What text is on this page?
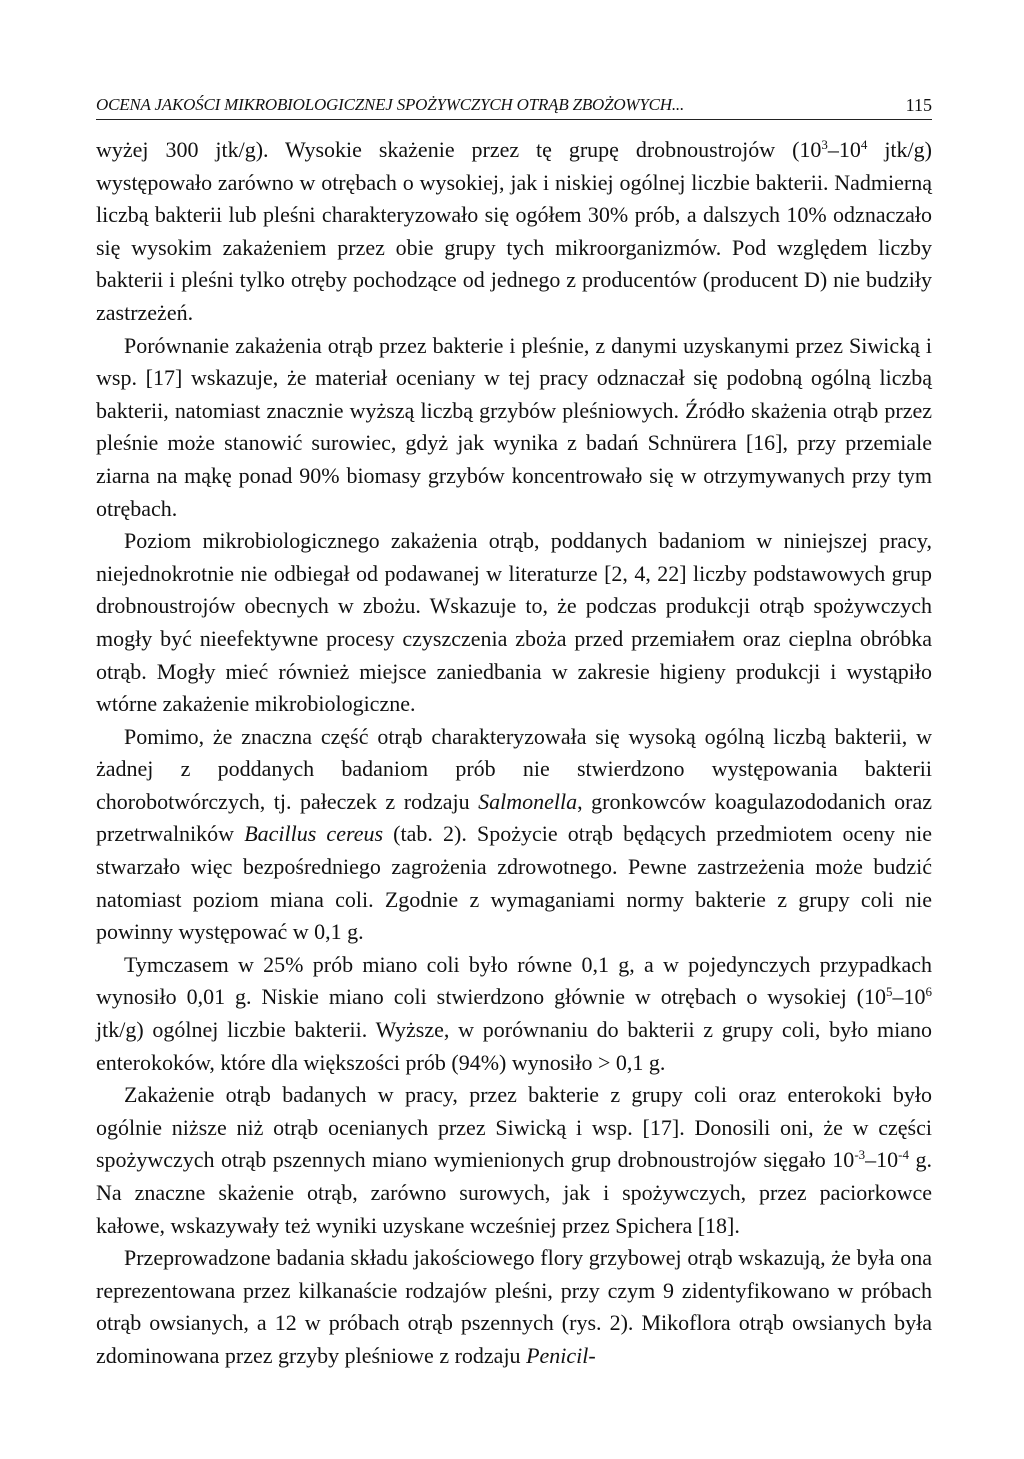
OCENA JAKOŚCI MIKROBIOLOGICZNEJ SPOŻYWCZYCH OTRĄB ZBOŻOWYCH...	115

wyżej 300 jtk/g). Wysokie skażenie przez tę grupę drobnoustrojów ($10^3-10^4$ jtk/g) występowało zarówno w otrębach o wysokiej, jak i niskiej ogólnej liczbie bakterii. Nadmierną liczbą bakterii lub pleśni charakteryzowało się ogółem 30% prób, a dalszych 10% odznaczało się wysokim zakażeniem przez obie grupy tych mikroorganizmów. Pod względem liczby bakterii i pleśni tylko otręby pochodzące od jednego z producentów (producent D) nie budziły zastrzeżeń.

Porównanie zakażenia otrąb przez bakterie i pleśnie, z danymi uzyskanymi przez Siwicką i wsp. [17] wskazuje, że materiał oceniany w tej pracy odznaczał się podobną ogólną liczbą bakterii, natomiast znacznie wyższą liczbą grzybów pleśniowych. Źródło skażenia otrąb przez pleśnie może stanowić surowiec, gdyż jak wynika z badań Schnürera [16], przy przemiale ziarna na mąkę ponad 90% biomasy grzybów koncentrowało się w otrzymywanych przy tym otrębach.

Poziom mikrobiologicznego zakażenia otrąb, poddanych badaniom w niniejszej pracy, niejednokrotnie nie odbiegał od podawanej w literaturze [2, 4, 22] liczby podstawowych grup drobnoustrojów obecnych w zbożu. Wskazuje to, że podczas produkcji otrąb spożywczych mogły być nieefektywne procesy czyszczenia zboża przed przemiałem oraz cieplna obróbka otrąb. Mogły mieć również miejsce zaniedbania w zakresie higieny produkcji i wystąpiło wtórne zakażenie mikrobiologiczne.

Pomimo, że znaczna część otrąb charakteryzowała się wysoką ogólną liczbą bakterii, w żadnej z poddanych badaniom prób nie stwierdzono występowania bakterii chorobotwórczych, tj. pałeczek z rodzaju Salmonella, gronkowców koagulazododanich oraz przetrwalników Bacillus cereus (tab. 2). Spożycie otrąb będących przedmiotem oceny nie stwarzało więc bezpośredniego zagrożenia zdrowotnego. Pewne zastrzeżenia może budzić natomiast poziom miana coli. Zgodnie z wymaganiami normy bakterie z grupy coli nie powinny występować w 0,1 g.

Tymczasem w 25% prób miano coli było równe 0,1 g, a w pojedynczych przypadkach wynosiło 0,01 g. Niskie miano coli stwierdzono głównie w otrębach o wysokiej ($10^5-10^6$ jtk/g) ogólnej liczbie bakterii. Wyższe, w porównaniu do bakterii z grupy coli, było miano enterokoków, które dla większości prób (94%) wynosiło > 0,1 g.

Zakażenie otrąb badanych w pracy, przez bakterie z grupy coli oraz enterokoki było ogólnie niższe niż otrąb ocenianych przez Siwicką i wsp. [17]. Donosili oni, że w części spożywczych otrąb pszennych miano wymienionych grup drobnoustrojów sięgało $10^{-3}-10^{-4}$ g. Na znaczne skażenie otrąb, zarówno surowych, jak i spożywczych, przez paciorkowce kałowe, wskazywały też wyniki uzyskane wcześniej przez Spichera [18].

Przeprowadzone badania składu jakościowego flory grzybowej otrąb wskazują, że była ona reprezentowana przez kilkanaście rodzajów pleśni, przy czym 9 zidentyfikowano w próbach otrąb owsianych, a 12 w próbach otrąb pszennych (rys. 2). Mikoflora otrąb owsianych była zdominowana przez grzyby pleśniowe z rodzaju Penicil-
